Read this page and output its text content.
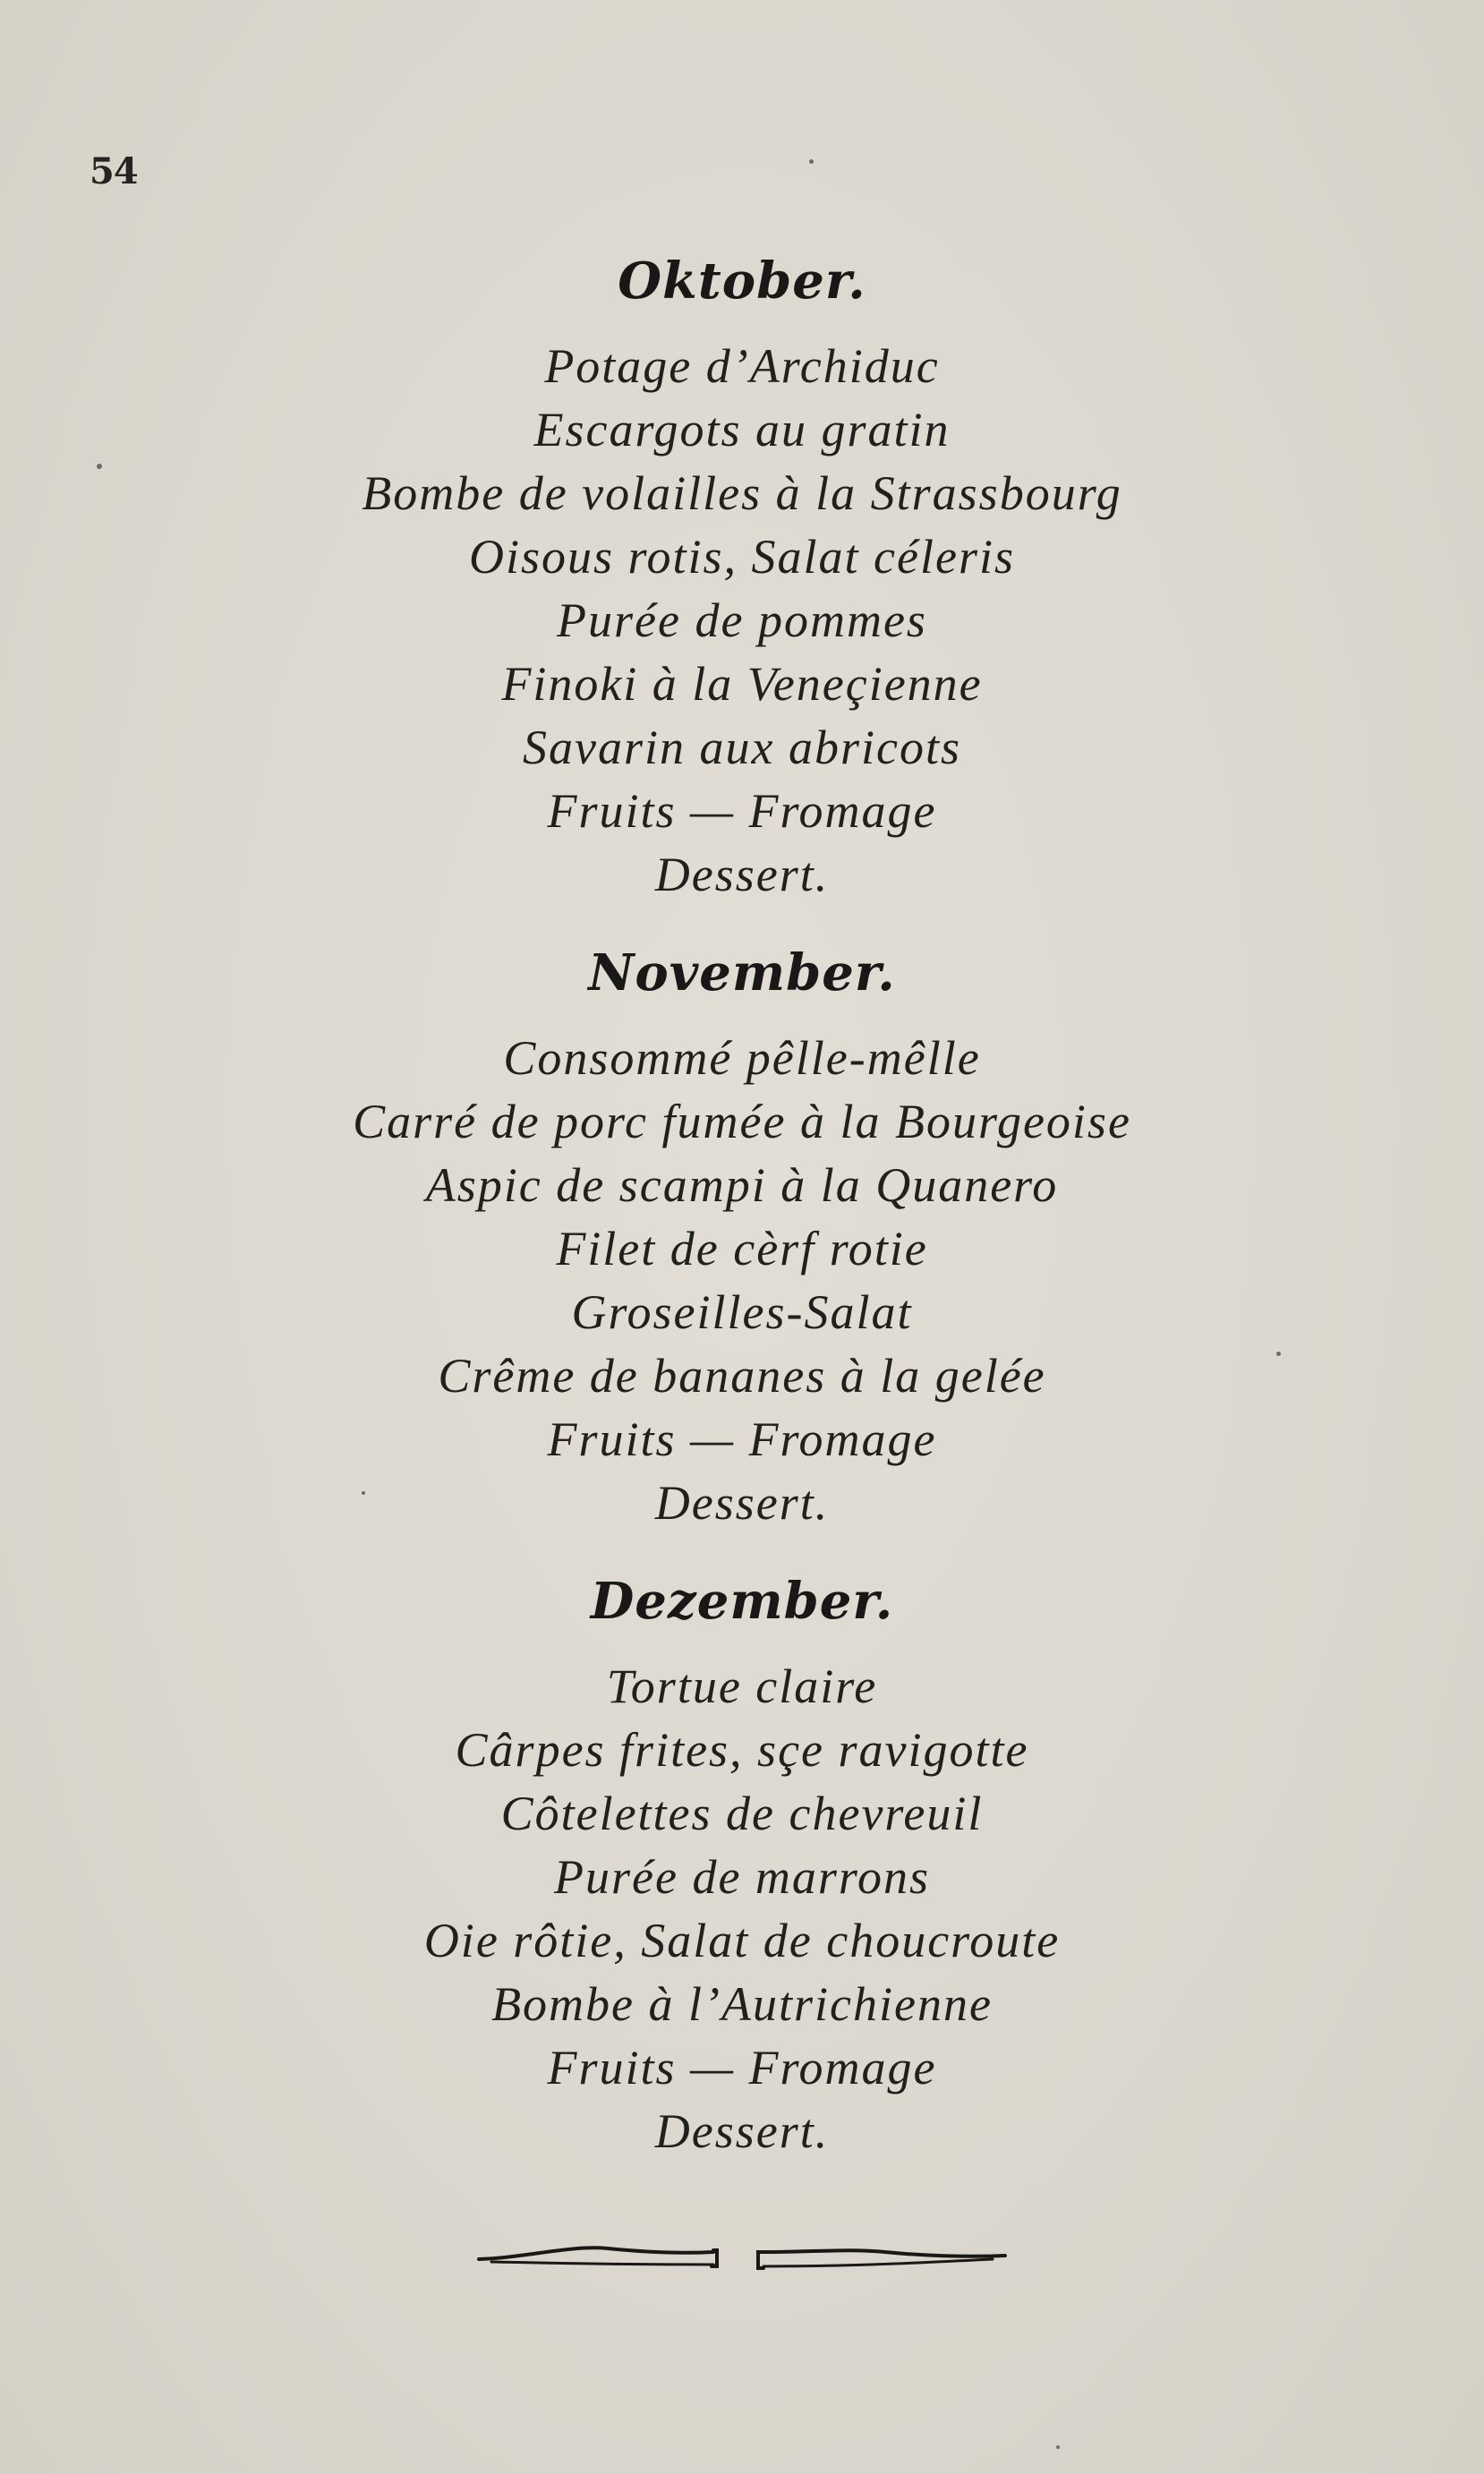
54
Oktober.
Potage d’Archiduc
Escargots au gratin
Bombe de volailles à la Strassbourg
Oisous rotis, Salat céleris
Purée de pommes
Finoki à la Veneçienne
Savarin aux abricots
Fruits — Fromage
Dessert.
November.
Consommé pêlle-mêlle
Carré de porc fumée à la Bourgeoise
Aspic de scampi à la Quanero
Filet de cèrf rotie
Groseilles-Salat
Crême de bananes à la gelée
Fruits — Fromage
Dessert.
Dezember.
Tortue claire
Cârpes frites, sçe ravigotte
Côtelettes de chevreuil
Purée de marrons
Oie rôtie, Salat de choucroute
Bombe à l’Autrichienne
Fruits — Fromage
Dessert.
